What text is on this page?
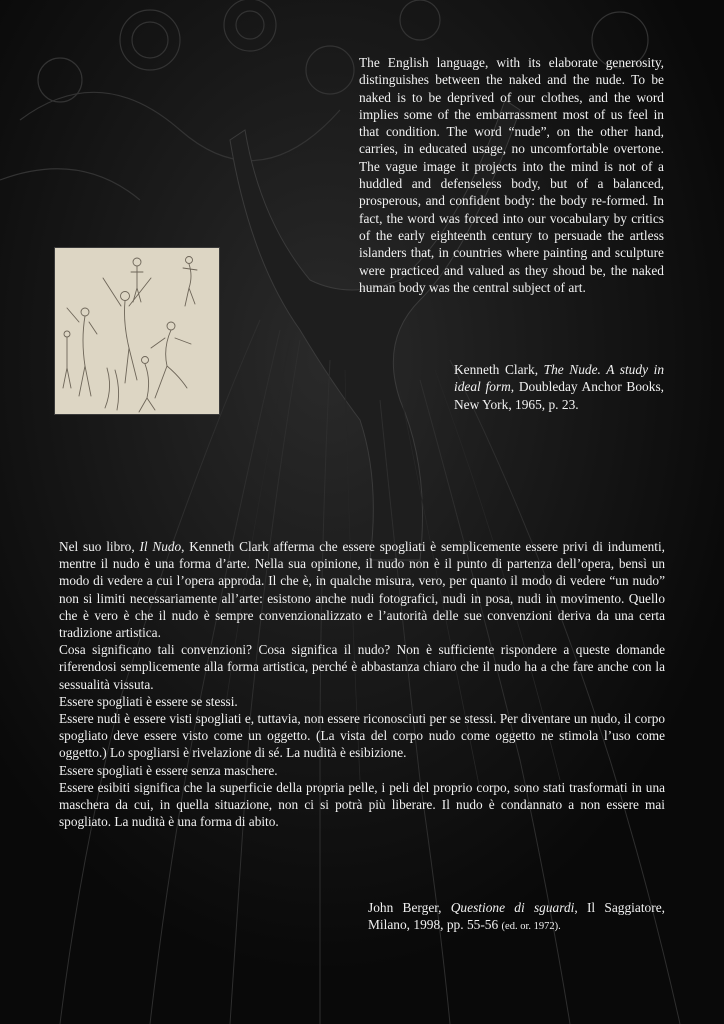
The English language, with its elaborate generosity, distinguishes between the naked and the nude. To be naked is to be deprived of our clothes, and the word implies some of the embarrassment most of us feel in that condition. The word “nude”, on the other hand, carries, in educated usage, no uncomfortable overtone. The vague image it projects into the mind is not of a huddled and defenseless body, but of a balanced, prosperous, and confident body: the body re-formed. In fact, the word was forced into our vocabulary by critics of the early eighteenth century to persuade the artless islanders that, in countries where painting and sculpture were practiced and valued as they shoud be, the naked human body was the central subject of art.

Kenneth Clark, The Nude. A study in ideal form, Doubleday Anchor Books, New York, 1965, p. 23.

Nel suo libro, Il Nudo, Kenneth Clark afferma che essere spogliati è semplicemente essere privi di indumenti, mentre il nudo è una forma d’arte. Nella sua opinione, il nudo non è il punto di partenza dell’opera, bensì un modo di vedere a cui l’opera approda. Il che è, in qualche misura, vero, per quanto il modo di vedere “un nudo” non si limiti necessariamente all’arte: esistono anche nudi fotografici, nudi in posa, nudi in movimento. Quello che è vero è che il nudo è sempre convenzionalizzato e l’autorità delle sue convenzioni deriva da una certa tradizione artistica.

Cosa significano tali convenzioni? Cosa significa il nudo? Non è sufficiente rispondere a queste domande riferendosi semplicemente alla forma artistica, perché è abbastanza chiaro che il nudo ha a che fare anche con la sessualità vissuta.

Essere spogliati è essere se stessi.

Essere nudi è essere visti spogliati e, tuttavia, non essere riconosciuti per se stessi. Per diventare un nudo, il corpo spogliato deve essere visto come un oggetto. (La vista del corpo nudo come oggetto ne stimola l’uso come oggetto.) Lo spogliarsi è rivelazione di sé. La nudità è esibizione.

Essere spogliati è essere senza maschere.

Essere esibiti significa che la superficie della propria pelle, i peli del proprio corpo, sono stati trasformati in una maschera da cui, in quella situazione, non ci si potrà più liberare. Il nudo è condannato a non essere mai spogliato. La nudità è una forma di abito.

John Berger, Questione di sguardi, Il Saggiatore, Milano, 1998, pp. 55-56 (ed. or. 1972).
